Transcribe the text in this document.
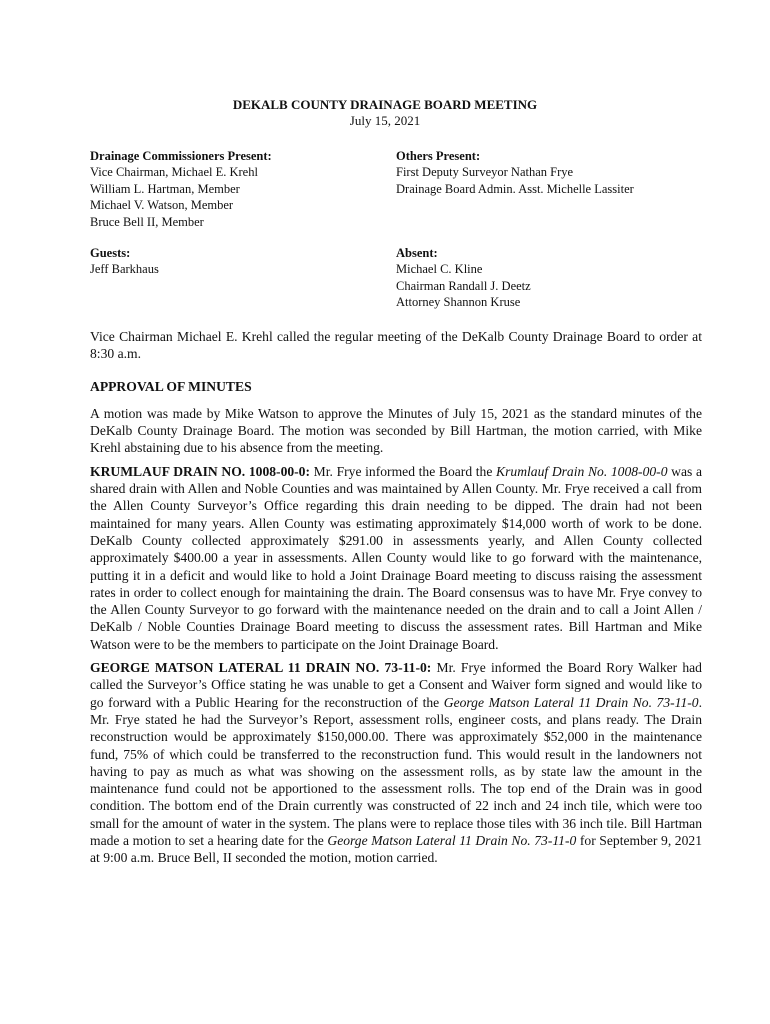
DEKALB COUNTY DRAINAGE BOARD MEETING
July 15, 2021
Drainage Commissioners Present:
Vice Chairman, Michael E. Krehl
William L. Hartman, Member
Michael V. Watson, Member
Bruce Bell II, Member
Others Present:
First Deputy Surveyor Nathan Frye
Drainage Board Admin. Asst. Michelle Lassiter
Guests:
Jeff Barkhaus
Absent:
Michael C. Kline
Chairman Randall J. Deetz
Attorney Shannon Kruse

Vice Chairman Michael E. Krehl called the regular meeting of the DeKalb County Drainage Board to order at 8:30 a.m.

APPROVAL OF MINUTES

A motion was made by Mike Watson to approve the Minutes of July 15, 2021 as the standard minutes of the DeKalb County Drainage Board. The motion was seconded by Bill Hartman, the motion carried, with Mike Krehl abstaining due to his absence from the meeting.

KRUMLAUF DRAIN NO. 1008-00-0: Mr. Frye informed the Board the Krumlauf Drain No. 1008-00-0 was a shared drain with Allen and Noble Counties and was maintained by Allen County. Mr. Frye received a call from the Allen County Surveyor’s Office regarding this drain needing to be dipped. The drain had not been maintained for many years. Allen County was estimating approximately $14,000 worth of work to be done. DeKalb County collected approximately $291.00 in assessments yearly, and Allen County collected approximately $400.00 a year in assessments. Allen County would like to go forward with the maintenance, putting it in a deficit and would like to hold a Joint Drainage Board meeting to discuss raising the assessment rates in order to collect enough for maintaining the drain. The Board consensus was to have Mr. Frye convey to the Allen County Surveyor to go forward with the maintenance needed on the drain and to call a Joint Allen / DeKalb / Noble Counties Drainage Board meeting to discuss the assessment rates. Bill Hartman and Mike Watson were to be the members to participate on the Joint Drainage Board.

GEORGE MATSON LATERAL 11 DRAIN NO. 73-11-0: Mr. Frye informed the Board Rory Walker had called the Surveyor’s Office stating he was unable to get a Consent and Waiver form signed and would like to go forward with a Public Hearing for the reconstruction of the George Matson Lateral 11 Drain No. 73-11-0. Mr. Frye stated he had the Surveyor’s Report, assessment rolls, engineer costs, and plans ready. The Drain reconstruction would be approximately $150,000.00. There was approximately $52,000 in the maintenance fund, 75% of which could be transferred to the reconstruction fund. This would result in the landowners not having to pay as much as what was showing on the assessment rolls, as by state law the amount in the maintenance fund could not be apportioned to the assessment rolls. The top end of the Drain was in good condition. The bottom end of the Drain currently was constructed of 22 inch and 24 inch tile, which were too small for the amount of water in the system. The plans were to replace those tiles with 36 inch tile. Bill Hartman made a motion to set a hearing date for the George Matson Lateral 11 Drain No. 73-11-0 for September 9, 2021 at 9:00 a.m. Bruce Bell, II seconded the motion, motion carried.
